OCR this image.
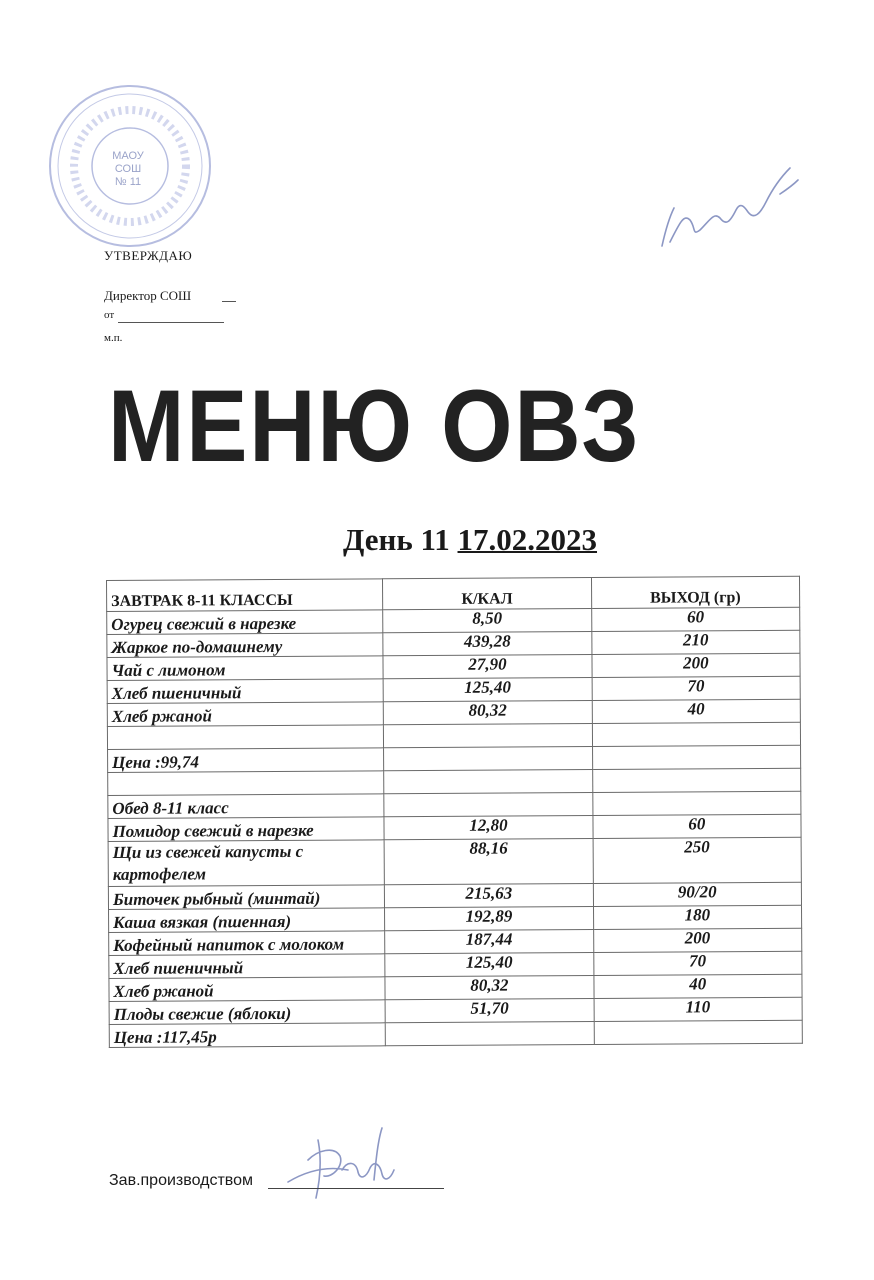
МАОУ
СОШ
№ 11
УТВЕРЖДАЮ
Директор СОШ
от
м.п.
МЕНЮ ОВЗ
День 11 17.02.2023
ЗАВТРАК 8-11 КЛАССЫ	К/КАЛ	ВЫХОД (гр)
Огурец свежий в нарезке	8,50	60
Жаркое по-домашнему	439,28	210
Чай с лимоном	27,90	200
Хлеб пшеничный	125,40	70
Хлеб ржаной	80,32	40

Цена :99,74		

Обед 8-11 класс		
Помидор свежий в нарезке	12,80	60
Щи из свежей капусты с картофелем	88,16	250
Биточек рыбный (минтай)	215,63	90/20
Каша вязкая (пшенная)	192,89	180
Кофейный напиток с молоком	187,44	200
Хлеб пшеничный	125,40	70
Хлеб ржаной	80,32	40
Плоды свежие (яблоки)	51,70	110
Цена :117,45р		
Зав.производством
